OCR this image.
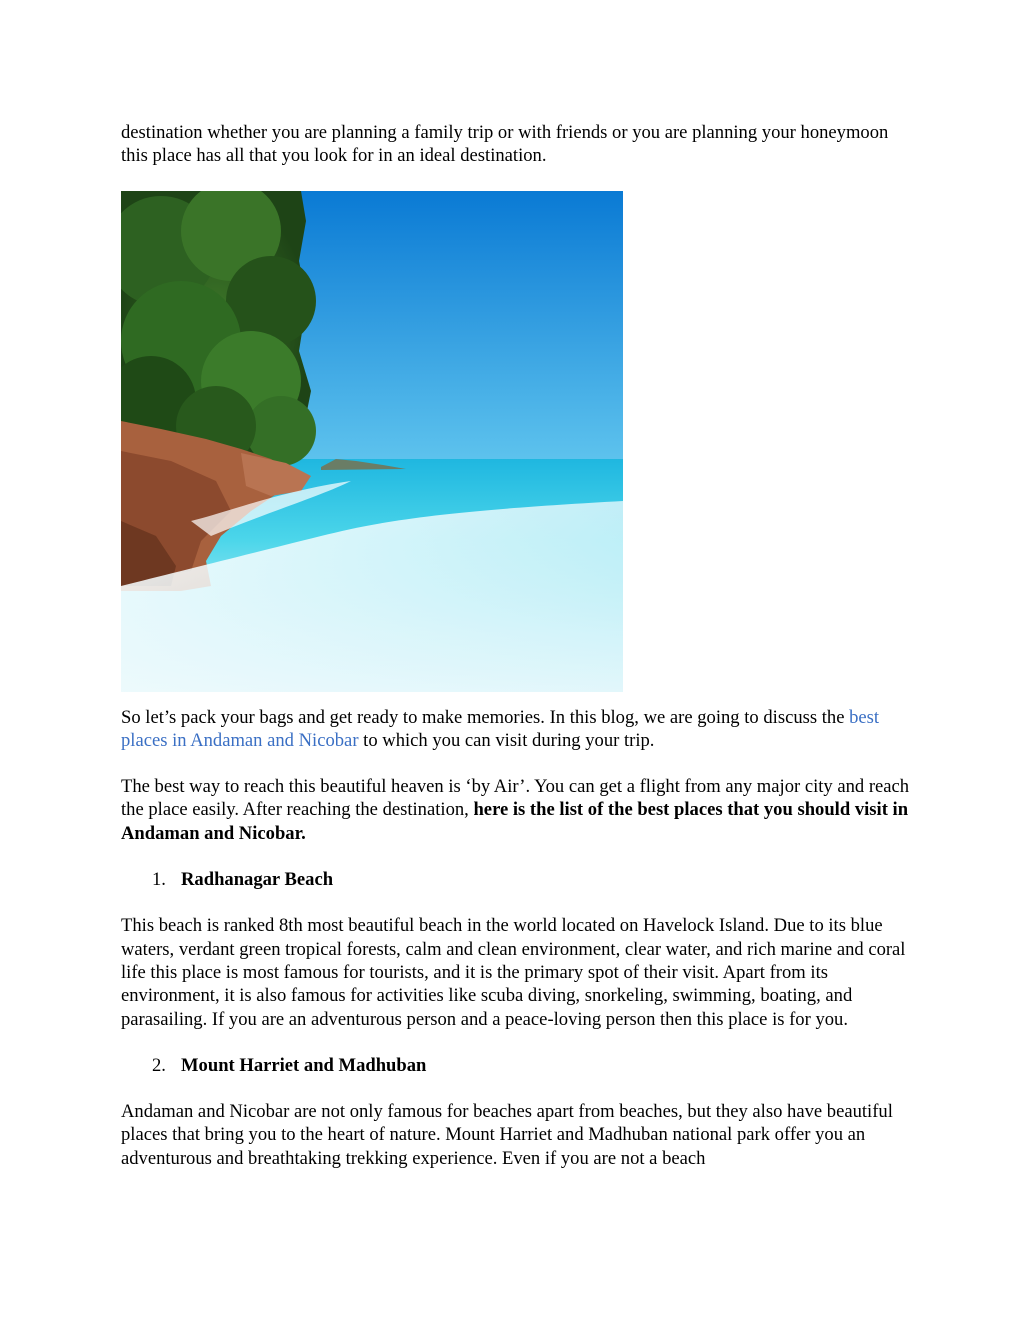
destination whether you are planning a family trip or with friends or you are planning your honeymoon this place has all that you look for in an ideal destination.

So let’s pack your bags and get ready to make memories. In this blog, we are going to discuss the best places in Andaman and Nicobar to which you can visit during your trip.

The best way to reach this beautiful heaven is ‘by Air’. You can get a flight from any major city and reach the place easily. After reaching the destination, here is the list of the best places that you should visit in Andaman and Nicobar.

1. Radhanagar Beach

This beach is ranked 8th most beautiful beach in the world located on Havelock Island. Due to its blue waters, verdant green tropical forests, calm and clean environment, clear water, and rich marine and coral life this place is most famous for tourists, and it is the primary spot of their visit. Apart from its environment, it is also famous for activities like scuba diving, snorkeling, swimming, boating, and parasailing. If you are an adventurous person and a peace-loving person then this place is for you.

2. Mount Harriet and Madhuban

Andaman and Nicobar are not only famous for beaches apart from beaches, but they also have beautiful places that bring you to the heart of nature. Mount Harriet and Madhuban national park offer you an adventurous and breathtaking trekking experience. Even if you are not a beach
